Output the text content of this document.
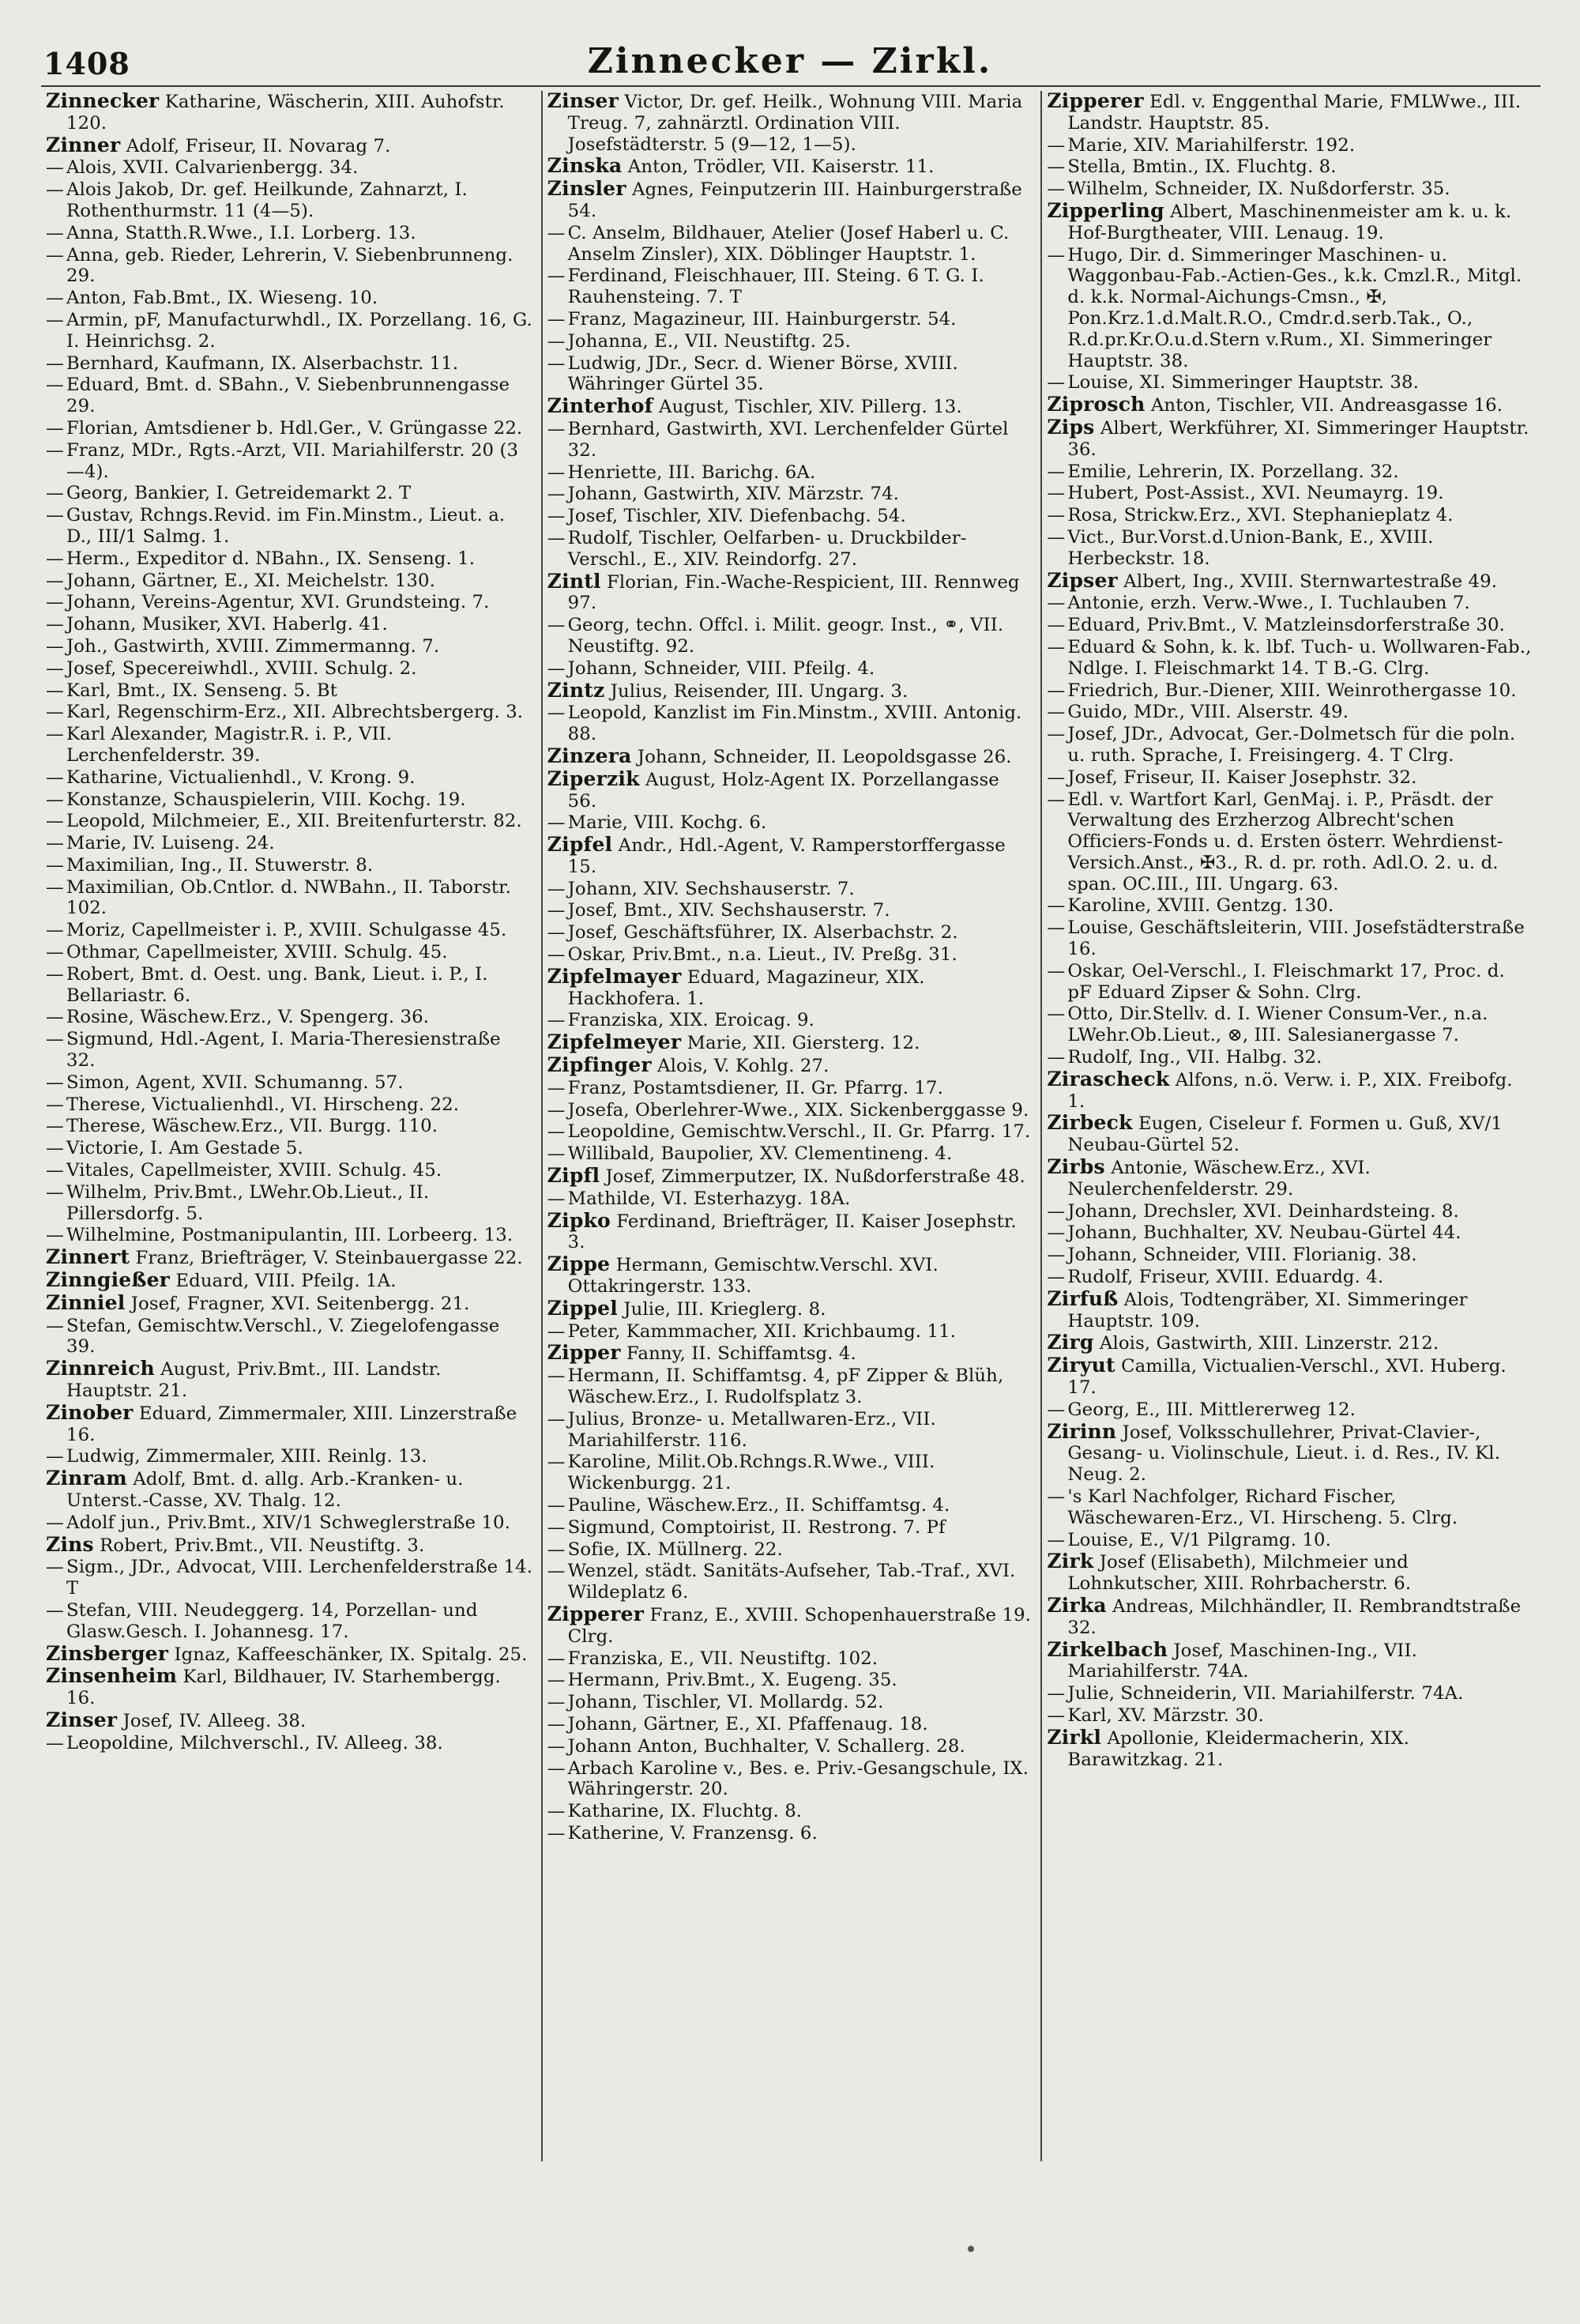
1408	Zinnecker — Zirkl.
Zinnecker Katharine, Wäscherin, XIII. Auhofstr. 120.
Zinner Adolf, Friseur, II. Novarag 7.
— Alois, XVII. Calvarienbergg. 34.
— Alois Jakob, Dr. gef. Heilkunde, Zahnarzt, I. Rothenthurmstr. 11 (4—5).
— Anna, Statth.R.Wwe., I.I. Lorberg. 13.
— Anna, geb. Rieder, Lehrerin, V. Siebenbrunneng. 29.
— Anton, Fab.Bmt., IX. Wieseng. 10.
— Armin, pF, Manufacturwhdl., IX. Porzellang. 16, G. I. Heinrichsg. 2.
— Bernhard, Kaufmann, IX. Alserbachstr. 11.
— Eduard, Bmt. d. SBahn., V. Siebenbrunnengasse 29.
— Florian, Amtsdiener b. Hdl.Ger., V. Grüngasse 22.
— Franz, MDr., Rgts.-Arzt, VII. Mariahilferstr. 20 (3—4).
— Georg, Bankier, I. Getreidemarkt 2. T
— Gustav, Rchngs.Revid. im Fin.Minstm., Lieut. a. D., III/1 Salmg. 1.
— Herm., Expeditor d. NBahn., IX. Senseng. 1.
— Johann, Gärtner, E., XI. Meichelstr. 130.
— Johann, Vereins-Agentur, XVI. Grundsteing. 7.
— Johann, Musiker, XVI. Haberlg. 41.
— Joh., Gastwirth, XVIII. Zimmermanng. 7.
— Josef, Specereiwhdl., XVIII. Schulg. 2.
— Karl, Bmt., IX. Senseng. 5. Bt
— Karl, Regenschirm-Erz., XII. Albrechtsbergerg. 3.
— Karl Alexander, Magistr.R. i. P., VII. Lerchenfelderstr. 39.
— Katharine, Victualienhdl., V. Krong. 9.
— Konstanze, Schauspielerin, VIII. Kochg. 19.
— Leopold, Milchmeier, E., XII. Breitenfurterstr. 82.
— Marie, IV. Luiseng. 24.
— Maximilian, Ing., II. Stuwerstr. 8.
— Maximilian, Ob.Cntlor. d. NWBahn., II. Taborstr. 102.
— Moriz, Capellmeister i. P., XVIII. Schulgasse 45.
— Othmar, Capellmeister, XVIII. Schulg. 45.
— Robert, Bmt. d. Oest. ung. Bank, Lieut. i. P., I. Bellariastr. 6.
— Rosine, Wäschew.Erz., V. Spengerg. 36.
— Sigmund, Hdl.-Agent, I. Maria-Theresienstraße 32.
— Simon, Agent, XVII. Schumanng. 57.
— Therese, Victualienhdl., VI. Hirscheng. 22.
— Therese, Wäschew.Erz., VII. Burgg. 110.
— Victorie, I. Am Gestade 5.
— Vitales, Capellmeister, XVIII. Schulg. 45.
— Wilhelm, Priv.Bmt., LWehr.Ob.Lieut., II. Pillersdorfg. 5.
— Wilhelmine, Postmanipulantin, III. Lorbeerg. 13.
Zinnert Franz, Briefträger, V. Steinbauergasse 22.
Zinngießer Eduard, VIII. Pfeilg. 1A.
Zinniel Josef, Fragner, XVI. Seitenbergg. 21.
— Stefan, Gemischtw.Verschl., V. Ziegelofengasse 39.
Zinnreich August, Priv.Bmt., III. Landstr. Hauptstr. 21.
Zinober Eduard, Zimmermaler, XIII. Linzerstraße 16.
— Ludwig, Zimmermaler, XIII. Reinlg. 13.
Zinram Adolf, Bmt. d. allg. Arb.-Kranken- u. Unterst.-Casse, XV. Thalg. 12.
— Adolf jun., Priv.Bmt., XIV/1 Schweglerstraße 10.
Zins Robert, Priv.Bmt., VII. Neustiftg. 3.
— Sigm., JDr., Advocat, VIII. Lerchenfelderstraße 14. T
— Stefan, VIII. Neudeggerg. 14, Porzellan- und Glasw.Gesch. I. Johannesg. 17.
Zinsberger Ignaz, Kaffeeschänker, IX. Spitalg. 25.
Zinsenheim Karl, Bildhauer, IV. Starhembergg. 16.
Zinser Josef, IV. Alleeg. 38.
— Leopoldine, Milchverschl., IV. Alleeg. 38.
Zinser Victor, Dr. gef. Heilk., Wohnung VIII. Maria Treug. 7, zahnärztl. Ordination VIII. Josefstädterstr. 5 (9—12, 1—5).
Zinska Anton, Trödler, VII. Kaiserstr. 11.
Zinsler Agnes, Feinputzerin III. Hainburgerstraße 54.
— C. Anselm, Bildhauer, Atelier (Josef Haberl u. C. Anselm Zinsler), XIX. Döblinger Hauptstr. 1.
— Ferdinand, Fleischhauer, III. Steing. 6 T. G. I. Rauhensteing. 7. T
— Franz, Magazineur, III. Hainburgerstr. 54.
— Johanna, E., VII. Neustiftg. 25.
— Ludwig, JDr., Secr. d. Wiener Börse, XVIII. Währinger Gürtel 35.
Zinterhof August, Tischler, XIV. Pillerg. 13.
— Bernhard, Gastwirth, XVI. Lerchenfelder Gürtel 32.
— Henriette, III. Barichg. 6A.
— Johann, Gastwirth, XIV. Märzstr. 74.
— Josef, Tischler, XIV. Diefenbachg. 54.
— Rudolf, Tischler, Oelfarben- u. Druckbilder-Verschl., E., XIV. Reindorfg. 27.
Zintl Florian, Fin.-Wache-Respicient, III. Rennweg 97.
— Georg, techn. Offcl. i. Milit. geogr. Inst., ⚭, VII. Neustiftg. 92.
— Johann, Schneider, VIII. Pfeilg. 4.
Zintz Julius, Reisender, III. Ungarg. 3.
— Leopold, Kanzlist im Fin.Minstm., XVIII. Antonig. 88.
Zinzera Johann, Schneider, II. Leopoldsgasse 26.
Ziperzik August, Holz-Agent IX. Porzellangasse 56.
— Marie, VIII. Kochg. 6.
Zipfel Andr., Hdl.-Agent, V. Ramperstorffergasse 15.
— Johann, XIV. Sechshauserstr. 7.
— Josef, Bmt., XIV. Sechshauserstr. 7.
— Josef, Geschäftsführer, IX. Alserbachstr. 2.
— Oskar, Priv.Bmt., n.a. Lieut., IV. Preßg. 31.
Zipfelmayer Eduard, Magazineur, XIX. Hackhofera. 1.
— Franziska, XIX. Eroicag. 9.
Zipfelmeyer Marie, XII. Giersterg. 12.
Zipfinger Alois, V. Kohlg. 27.
— Franz, Postamtsdiener, II. Gr. Pfarrg. 17.
— Josefa, Oberlehrer-Wwe., XIX. Sickenberggasse 9.
— Leopoldine, Gemischtw.Verschl., II. Gr. Pfarrg. 17.
— Willibald, Baupolier, XV. Clementineng. 4.
Zipfl Josef, Zimmerputzer, IX. Nußdorferstraße 48.
— Mathilde, VI. Esterhazyg. 18A.
Zipko Ferdinand, Briefträger, II. Kaiser Josephstr. 3.
Zippe Hermann, Gemischtw.Verschl. XVI. Ottakringerstr. 133.
Zippel Julie, III. Krieglerg. 8.
— Peter, Kammmacher, XII. Krichbaumg. 11.
Zipper Fanny, II. Schiffamtsg. 4.
— Hermann, II. Schiffamtsg. 4, pF Zipper & Blüh, Wäschew.Erz., I. Rudolfsplatz 3.
— Julius, Bronze- u. Metallwaren-Erz., VII. Mariahilferstr. 116.
— Karoline, Milit.Ob.Rchngs.R.Wwe., VIII. Wickenburgg. 21.
— Pauline, Wäschew.Erz., II. Schiffamtsg. 4.
— Sigmund, Comptoirist, II. Restrong. 7. Pf
— Sofie, IX. Müllnerg. 22.
— Wenzel, städt. Sanitäts-Aufseher, Tab.-Traf., XVI. Wildeplatz 6.
Zipperer Franz, E., XVIII. Schopenhauerstraße 19. Clrg.
— Franziska, E., VII. Neustiftg. 102.
— Hermann, Priv.Bmt., X. Eugeng. 35.
— Johann, Tischler, VI. Mollardg. 52.
— Johann, Gärtner, E., XI. Pfaffenaug. 18.
— Johann Anton, Buchhalter, V. Schallerg. 28.
— Arbach Karoline v., Bes. e. Priv.-Gesangschule, IX. Währingerstr. 20.
— Katharine, IX. Fluchtg. 8.
— Katherine, V. Franzensg. 6.
Zipperer Edl. v. Enggenthal Marie, FMLWwe., III. Landstr. Hauptstr. 85.
— Marie, XIV. Mariahilferstr. 192.
— Stella, Bmtin., IX. Fluchtg. 8.
— Wilhelm, Schneider, IX. Nußdorferstr. 35.
Zipperling Albert, Maschinenmeister am k. u. k. Hof-Burgtheater, VIII. Lenaug. 19.
— Hugo, Dir. d. Simmeringer Maschinen- u. Waggonbau-Fab.-Actien-Ges., k.k. Cmzl.R., Mitgl. d. k.k. Normal-Aichungs-Cmsn., ✠, Pon.Krz.1.d.Malt.R.O., Cmdr.d.serb.Tak., O., R.d.pr.Kr.O.u.d.Stern v.Rum., XI. Simmeringer Hauptstr. 38.
— Louise, XI. Simmeringer Hauptstr. 38.
Ziprosch Anton, Tischler, VII. Andreasgasse 16.
Zips Albert, Werkführer, XI. Simmeringer Hauptstr. 36.
— Emilie, Lehrerin, IX. Porzellang. 32.
— Hubert, Post-Assist., XVI. Neumayrg. 19.
— Rosa, Strickw.Erz., XVI. Stephanieplatz 4.
— Vict., Bur.Vorst.d.Union-Bank, E., XVIII. Herbeckstr. 18.
Zipser Albert, Ing., XVIII. Sternwartestraße 49.
— Antonie, erzh. Verw.-Wwe., I. Tuchlauben 7.
— Eduard, Priv.Bmt., V. Matzleinsdorferstraße 30.
— Eduard & Sohn, k. k. lbf. Tuch- u. Wollwaren-Fab., Ndlge. I. Fleischmarkt 14. T B.-G. Clrg.
— Friedrich, Bur.-Diener, XIII. Weinrothergasse 10.
— Guido, MDr., VIII. Alserstr. 49.
— Josef, JDr., Advocat, Ger.-Dolmetsch für die poln. u. ruth. Sprache, I. Freisingerg. 4. T Clrg.
— Josef, Friseur, II. Kaiser Josephstr. 32.
— Edl. v. Wartfort Karl, GenMaj. i. P., Präsdt. der Verwaltung des Erzherzog Albrecht'schen Officiers-Fonds u. d. Ersten österr. Wehrdienst-Versich.Anst., ✠3., R. d. pr. roth. Adl.O. 2. u. d. span. OC.III., III. Ungarg. 63.
— Karoline, XVIII. Gentzg. 130.
— Louise, Geschäftsleiterin, VIII. Josefstädterstraße 16.
— Oskar, Oel-Verschl., I. Fleischmarkt 17, Proc. d. pF Eduard Zipser & Sohn. Clrg.
— Otto, Dir.Stellv. d. I. Wiener Consum-Ver., n.a. LWehr.Ob.Lieut., ⊗, III. Salesianergasse 7.
— Rudolf, Ing., VII. Halbg. 32.
Zirascheck Alfons, n.ö. Verw. i. P., XIX. Freibofg. 1.
Zirbeck Eugen, Ciseleur f. Formen u. Guß, XV/1 Neubau-Gürtel 52.
Zirbs Antonie, Wäschew.Erz., XVI. Neulerchenfelderstr. 29.
— Johann, Drechsler, XVI. Deinhardsteing. 8.
— Johann, Buchhalter, XV. Neubau-Gürtel 44.
— Johann, Schneider, VIII. Florianig. 38.
— Rudolf, Friseur, XVIII. Eduardg. 4.
Zirfuß Alois, Todtengräber, XI. Simmeringer Hauptstr. 109.
Zirg Alois, Gastwirth, XIII. Linzerstr. 212.
Ziryut Camilla, Victualien-Verschl., XVI. Huberg. 17.
— Georg, E., III. Mittlererweg 12.
Zirinn Josef, Volksschullehrer, Privat-Clavier-, Gesang- u. Violinschule, Lieut. i. d. Res., IV. Kl. Neug. 2.
— 's Karl Nachfolger, Richard Fischer, Wäschewaren-Erz., VI. Hirscheng. 5. Clrg.
— Louise, E., V/1 Pilgramg. 10.
Zirk Josef (Elisabeth), Milchmeier und Lohnkutscher, XIII. Rohrbacherstr. 6.
Zirka Andreas, Milchhändler, II. Rembrandtstraße 32.
Zirkelbach Josef, Maschinen-Ing., VII. Mariahilferstr. 74A.
— Julie, Schneiderin, VII. Mariahilferstr. 74A.
— Karl, XV. Märzstr. 30.
Zirkl Apollonie, Kleidermacherin, XIX. Barawitzkag. 21.
